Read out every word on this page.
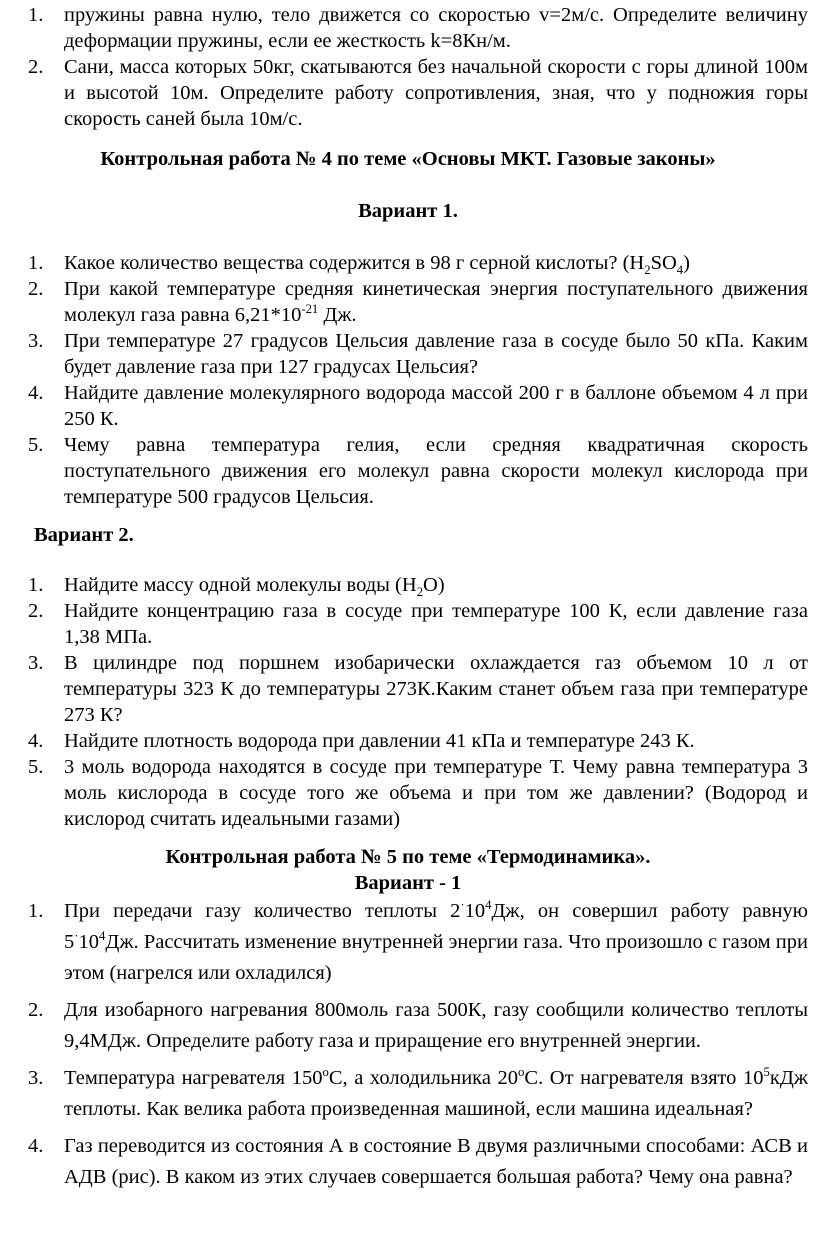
1. пружины равна нулю, тело движется со скоростью v=2м/с. Определите величину деформации пружины, если ее жесткость k=8Кн/м.
2. Сани, масса которых 50кг, скатываются без начальной скорости с горы длиной 100м и высотой 10м. Определите работу сопротивления, зная, что у подножия горы скорость саней была 10м/с.

Контрольная работа № 4 по теме «Основы МКТ. Газовые законы»

Вариант 1.

1. Какое количество вещества содержится в 98 г серной кислоты? $(H_2SO_4)$
2. При какой температуре средняя кинетическая энергия поступательного движения молекул газа равна $6,21*10^{-21}$ Дж.
3. При температуре 27 градусов Цельсия давление газа в сосуде было 50 кПа. Каким будет давление газа при 127 градусах Цельсия?
4. Найдите давление молекулярного водорода массой 200 г в баллоне объемом 4 л при 250 К.
5. Чему равна температура гелия, если средняя квадратичная скорость поступательного движения его молекул равна скорости молекул кислорода при температуре 500 градусов Цельсия.

Вариант 2.

1. Найдите массу одной молекулы воды $(H_2O)$
2. Найдите концентрацию газа в сосуде при температуре 100 К, если давление газа 1,38 МПа.
3. В цилиндре под поршнем изобарически охлаждается газ объемом 10 л от температуры 323 К до температуры 273К.Каким станет объем газа при температуре 273 К?
4. Найдите плотность водорода при давлении 41 кПа и температуре 243 К.
5. 3 моль водорода находятся в сосуде при температуре Т. Чему равна температура 3 моль кислорода в сосуде того же объема и при том же давлении? (Водород и кислород считать идеальными газами)

Контрольная работа № 5 по теме «Термодинамика».

Вариант - 1

1. При передачи газу количество теплоты $2^\cdot 10^4Дж$, он совершил работу равную $5^\cdot 10^4Дж$. Рассчитать изменение внутренней энергии газа. Что произошло с газом при этом (нагрелся или охладился)
2. Для изобарного нагревания 800моль газа 500К, газу сообщили количество теплоты 9,4МДж. Определите работу газа и приращение его внутренней энергии.
3. Температура нагревателя 150$^o$С, а холодильника 20$^o$С. От нагревателя взято $10^5кДж$ теплоты. Как велика работа произведенная машиной, если машина идеальная?
4. Газ переводится из состояния А в состояние В двумя различными способами: АСВ и АДВ (рис). В каком из этих случаев совершается большая работа? Чему она равна?
